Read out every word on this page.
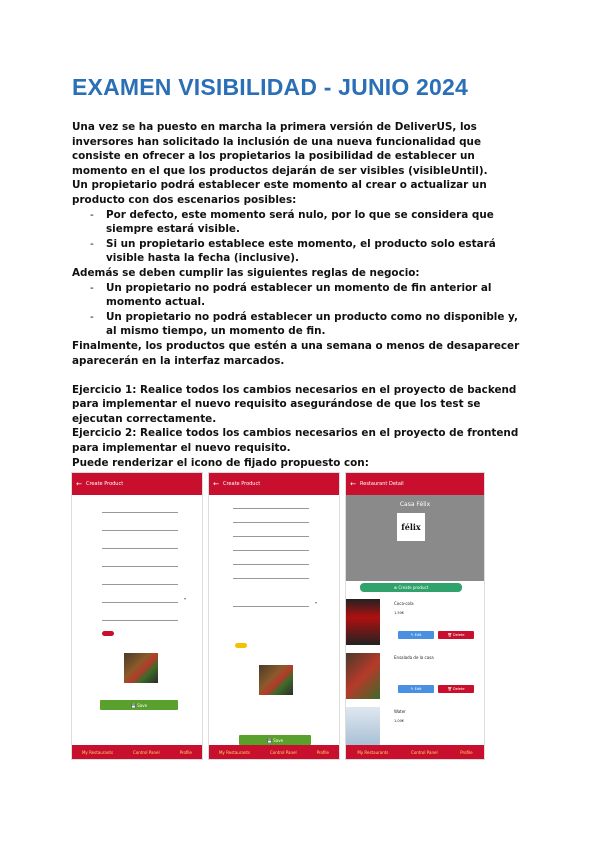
EXAMEN VISIBILIDAD - JUNIO 2024

Una vez se ha puesto en marcha la primera versión de DeliverUS, los inversores han solicitado la inclusión de una nueva funcionalidad que consiste en ofrecer a los propietarios la posibilidad de establecer un momento en el que los productos dejarán de ser visibles (visibleUntil).

Un propietario podrá establecer este momento al crear o actualizar un producto con dos escenarios posibles:

- Por defecto, este momento será nulo, por lo que se considera que siempre estará visible.
- Si un propietario establece este momento, el producto solo estará visible hasta la fecha (inclusive).

Además se deben cumplir las siguientes reglas de negocio:

- Un propietario no podrá establecer un momento de fin anterior al momento actual.
- Un propietario no podrá establecer un producto como no disponible y, al mismo tiempo, un momento de fin.

Finalmente, los productos que estén a una semana o menos de desaparecer aparecerán en la interfaz marcados.

Ejercicio 1: Realice todos los cambios necesarios en el proyecto de backend para implementar el nuevo requisito asegurándose de que los test se ejecutan correctamente.

Ejercicio 2: Realice todos los cambios necesarios en el proyecto de frontend para implementar el nuevo requisito.

Puede renderizar el icono de fijado propuesto con:

← Create Product
▾
💾 Save
My Restaurants	Control Panel	Profile
← Create Product
▾
💾 Save
My Restaurants	Control Panel	Profile
← Restaurant Detail
Casa Félix
félix
⊕ Create product
Coca-cola
1.50€
✎ Edit	🗑 Delete
Ensalada de la casa
✎ Edit	🗑 Delete
Water
1.00€
My Restaurants	Control Panel	Profile
